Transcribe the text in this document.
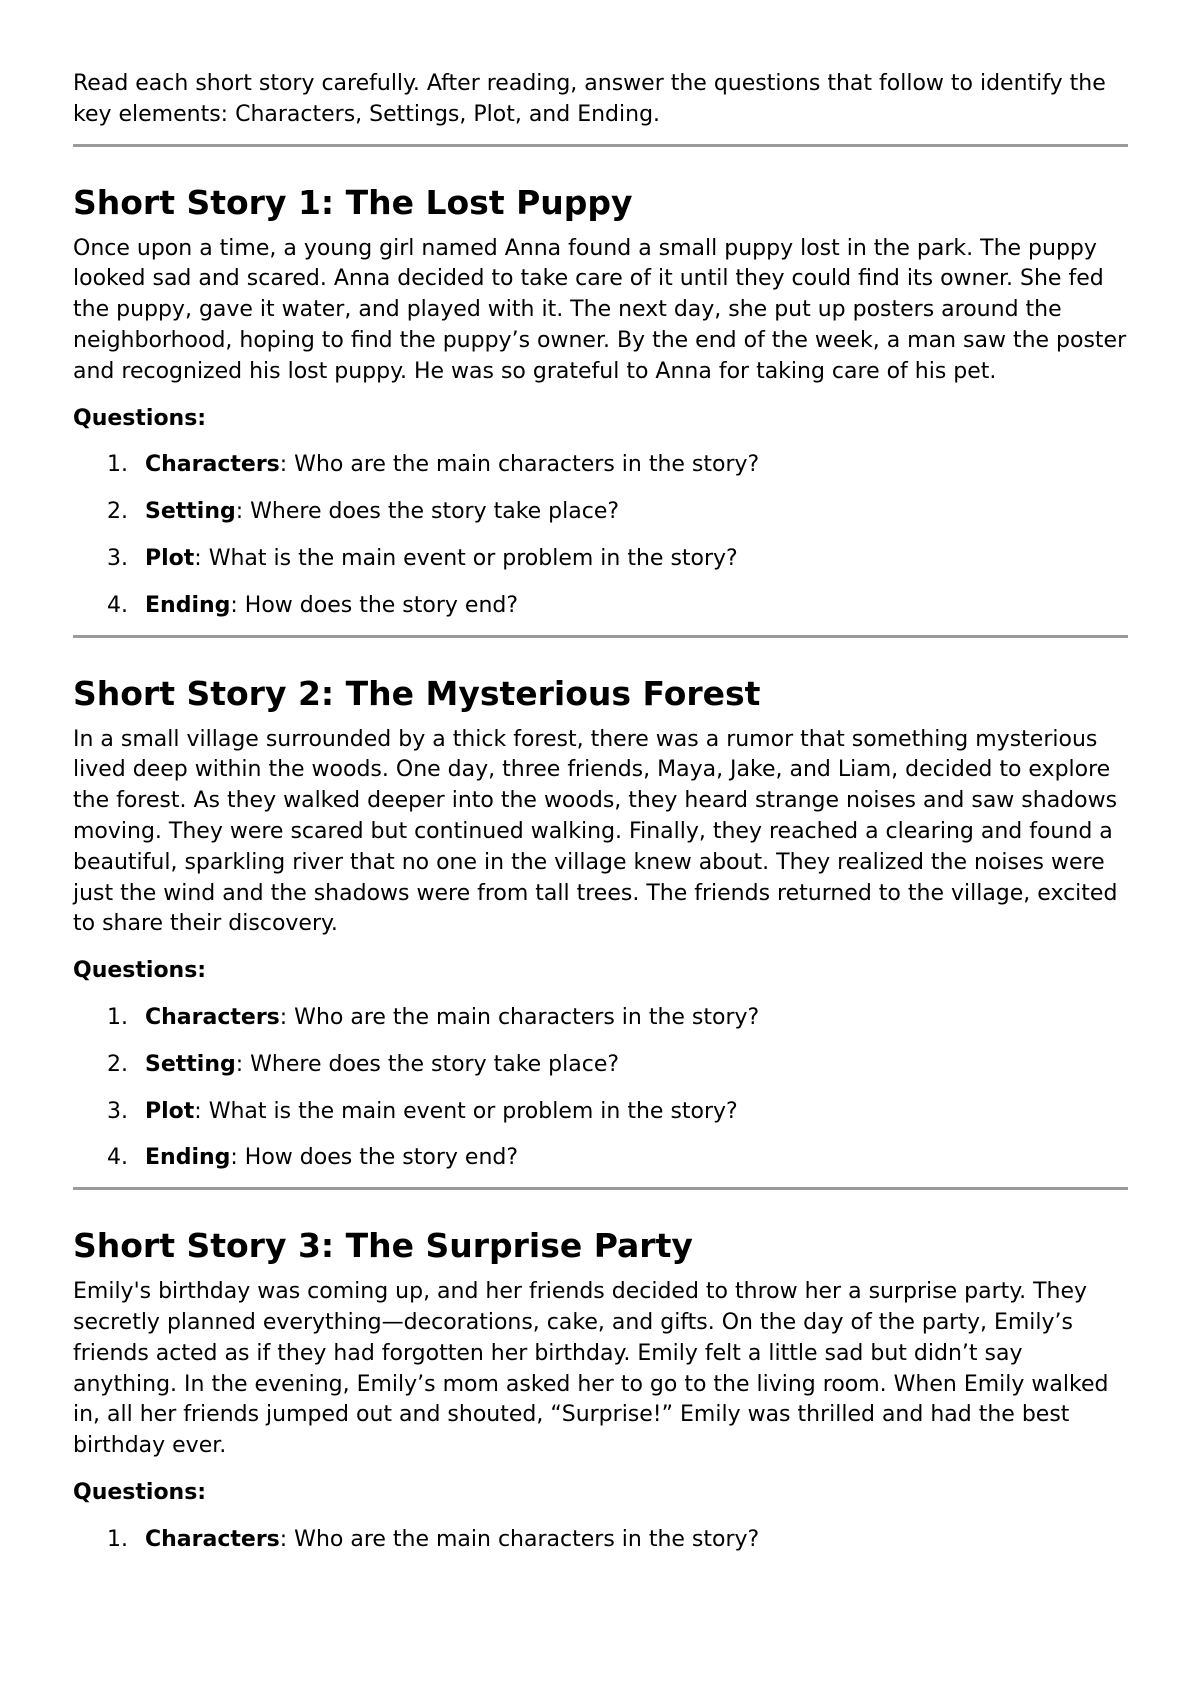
Read each short story carefully. After reading, answer the questions that follow to identify the key elements: Characters, Settings, Plot, and Ending.

Short Story 1: The Lost Puppy

Once upon a time, a young girl named Anna found a small puppy lost in the park. The puppy looked sad and scared. Anna decided to take care of it until they could find its owner. She fed the puppy, gave it water, and played with it. The next day, she put up posters around the neighborhood, hoping to find the puppy’s owner. By the end of the week, a man saw the poster and recognized his lost puppy. He was so grateful to Anna for taking care of his pet.

Questions:

1. Characters: Who are the main characters in the story?
2. Setting: Where does the story take place?
3. Plot: What is the main event or problem in the story?
4. Ending: How does the story end?
Short Story 2: The Mysterious Forest

In a small village surrounded by a thick forest, there was a rumor that something mysterious lived deep within the woods. One day, three friends, Maya, Jake, and Liam, decided to explore the forest. As they walked deeper into the woods, they heard strange noises and saw shadows moving. They were scared but continued walking. Finally, they reached a clearing and found a beautiful, sparkling river that no one in the village knew about. They realized the noises were just the wind and the shadows were from tall trees. The friends returned to the village, excited to share their discovery.

Questions:

1. Characters: Who are the main characters in the story?
2. Setting: Where does the story take place?
3. Plot: What is the main event or problem in the story?
4. Ending: How does the story end?
Short Story 3: The Surprise Party

Emily's birthday was coming up, and her friends decided to throw her a surprise party. They secretly planned everything—decorations, cake, and gifts. On the day of the party, Emily’s friends acted as if they had forgotten her birthday. Emily felt a little sad but didn’t say anything. In the evening, Emily’s mom asked her to go to the living room. When Emily walked in, all her friends jumped out and shouted, “Surprise!” Emily was thrilled and had the best birthday ever.

Questions:

1. Characters: Who are the main characters in the story?
